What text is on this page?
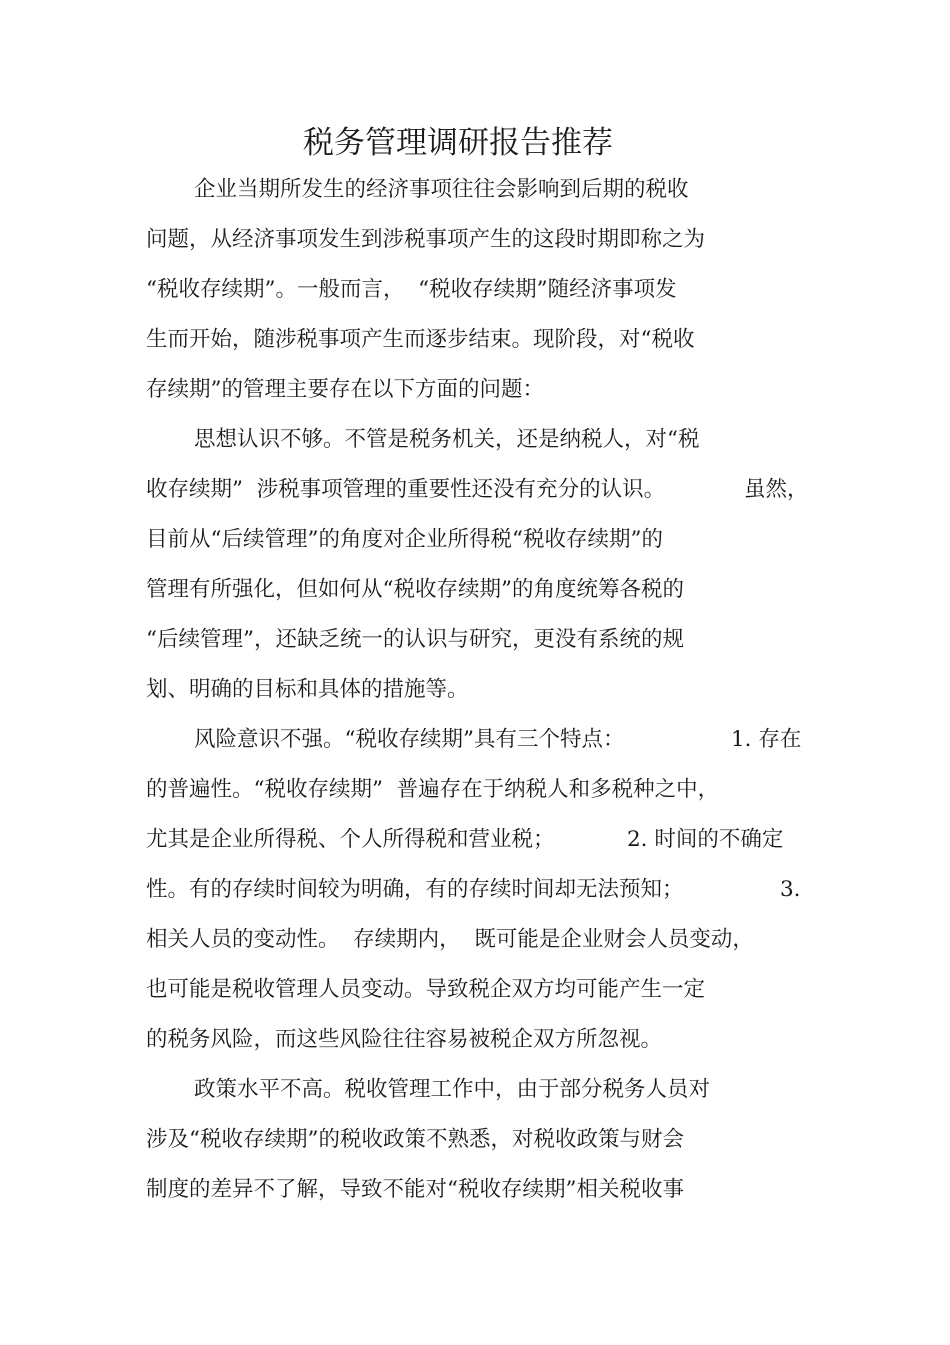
税务管理调研报告推荐
企业当期所发生的经济事项往往会影响到后期的税收
问题，从经济事项发生到涉税事项产生的这段时期即称之为
“税收存续期”。一般而言，  “税收存续期”随经济事项发
生而开始，随涉税事项产生而逐步结束。现阶段，对“税收
存续期”的管理主要存在以下方面的问题：
思想认识不够。不管是税务机关，还是纳税人，对“税
收存续期”  涉税事项管理的重要性还没有充分的认识。	虽然，
目前从“后续管理”的角度对企业所得税“税收存续期”的
管理有所强化，但如何从“税收存续期”的角度统筹各税的
“后续管理”，还缺乏统一的认识与研究，更没有系统的规
划、明确的目标和具体的措施等。
风险意识不强。“税收存续期”具有三个特点：	1. 存在
的普遍性。“税收存续期”  普遍存在于纳税人和多税种之中，
尤其是企业所得税、个人所得税和营业税；	2. 时间的不确定
性。有的存续时间较为明确，有的存续时间却无法预知；	3.
相关人员的变动性。  存续期内，  既可能是企业财会人员变动，
也可能是税收管理人员变动。导致税企双方均可能产生一定
的税务风险，而这些风险往往容易被税企双方所忽视。
政策水平不高。税收管理工作中，由于部分税务人员对
涉及“税收存续期”的税收政策不熟悉，对税收政策与财会
制度的差异不了解，导致不能对“税收存续期”相关税收事
